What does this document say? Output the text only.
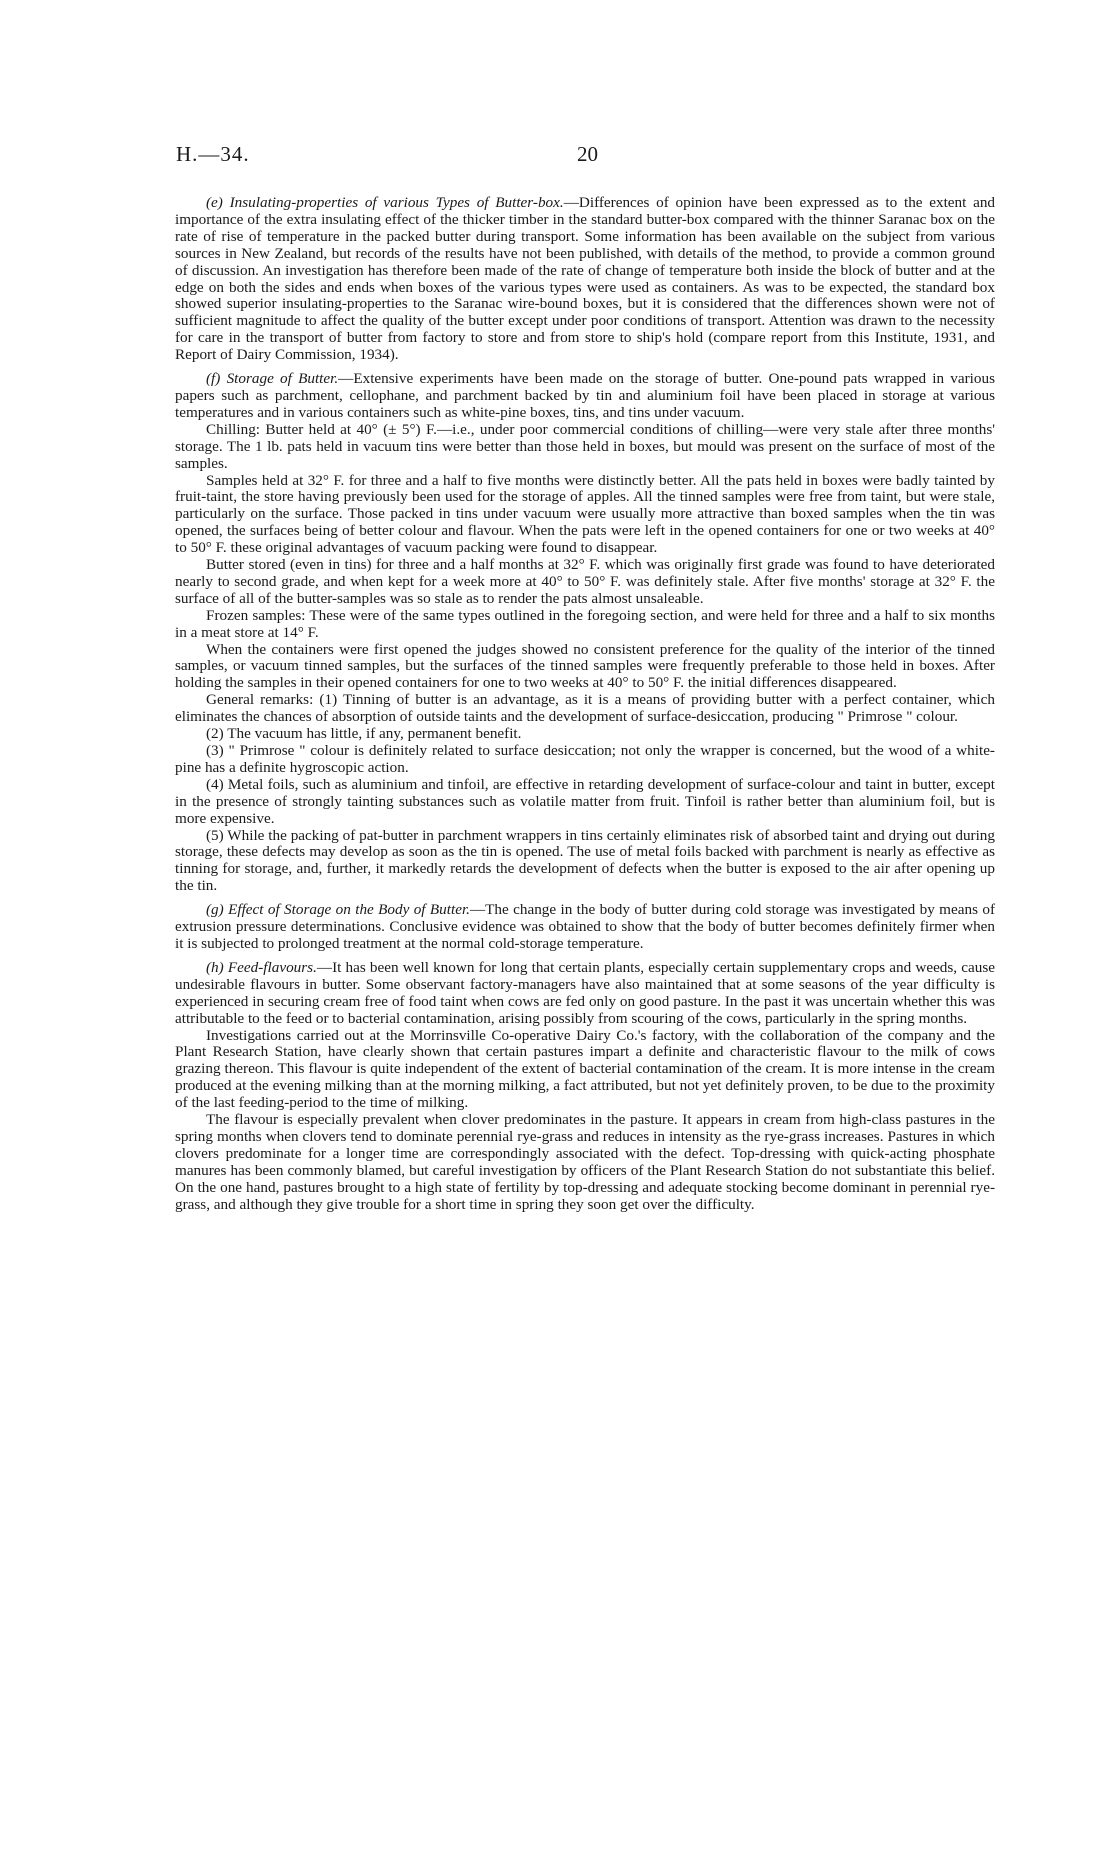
H.—34.	20

(e) Insulating-properties of various Types of Butter-box.—Differences of opinion have been expressed as to the extent and importance of the extra insulating effect of the thicker timber in the standard butter-box compared with the thinner Saranac box on the rate of rise of temperature in the packed butter during transport. Some information has been available on the subject from various sources in New Zealand, but records of the results have not been published, with details of the method, to provide a common ground of discussion. An investigation has therefore been made of the rate of change of temperature both inside the block of butter and at the edge on both the sides and ends when boxes of the various types were used as containers. As was to be expected, the standard box showed superior insulating-properties to the Saranac wire-bound boxes, but it is considered that the differences shown were not of sufficient magnitude to affect the quality of the butter except under poor conditions of transport. Attention was drawn to the necessity for care in the transport of butter from factory to store and from store to ship's hold (compare report from this Institute, 1931, and Report of Dairy Commission, 1934).

(f) Storage of Butter.—Extensive experiments have been made on the storage of butter. One-pound pats wrapped in various papers such as parchment, cellophane, and parchment backed by tin and aluminium foil have been placed in storage at various temperatures and in various containers such as white-pine boxes, tins, and tins under vacuum.

Chilling: Butter held at 40° (± 5°) F.—i.e., under poor commercial conditions of chilling—were very stale after three months' storage. The 1 lb. pats held in vacuum tins were better than those held in boxes, but mould was present on the surface of most of the samples.

Samples held at 32° F. for three and a half to five months were distinctly better. All the pats held in boxes were badly tainted by fruit-taint, the store having previously been used for the storage of apples. All the tinned samples were free from taint, but were stale, particularly on the surface. Those packed in tins under vacuum were usually more attractive than boxed samples when the tin was opened, the surfaces being of better colour and flavour. When the pats were left in the opened containers for one or two weeks at 40° to 50° F. these original advantages of vacuum packing were found to disappear.

Butter stored (even in tins) for three and a half months at 32° F. which was originally first grade was found to have deteriorated nearly to second grade, and when kept for a week more at 40° to 50° F. was definitely stale. After five months' storage at 32° F. the surface of all of the butter-samples was so stale as to render the pats almost unsaleable.

Frozen samples: These were of the same types outlined in the foregoing section, and were held for three and a half to six months in a meat store at 14° F.

When the containers were first opened the judges showed no consistent preference for the quality of the interior of the tinned samples, or vacuum tinned samples, but the surfaces of the tinned samples were frequently preferable to those held in boxes. After holding the samples in their opened containers for one to two weeks at 40° to 50° F. the initial differences disappeared.

General remarks: (1) Tinning of butter is an advantage, as it is a means of providing butter with a perfect container, which eliminates the chances of absorption of outside taints and the development of surface-desiccation, producing " Primrose " colour.

(2) The vacuum has little, if any, permanent benefit.

(3) " Primrose " colour is definitely related to surface desiccation; not only the wrapper is concerned, but the wood of a white-pine has a definite hygroscopic action.

(4) Metal foils, such as aluminium and tinfoil, are effective in retarding development of surface-colour and taint in butter, except in the presence of strongly tainting substances such as volatile matter from fruit. Tinfoil is rather better than aluminium foil, but is more expensive.

(5) While the packing of pat-butter in parchment wrappers in tins certainly eliminates risk of absorbed taint and drying out during storage, these defects may develop as soon as the tin is opened. The use of metal foils backed with parchment is nearly as effective as tinning for storage, and, further, it markedly retards the development of defects when the butter is exposed to the air after opening up the tin.

(g) Effect of Storage on the Body of Butter.—The change in the body of butter during cold storage was investigated by means of extrusion pressure determinations. Conclusive evidence was obtained to show that the body of butter becomes definitely firmer when it is subjected to prolonged treatment at the normal cold-storage temperature.

(h) Feed-flavours.—It has been well known for long that certain plants, especially certain supplementary crops and weeds, cause undesirable flavours in butter. Some observant factory-managers have also maintained that at some seasons of the year difficulty is experienced in securing cream free of food taint when cows are fed only on good pasture. In the past it was uncertain whether this was attributable to the feed or to bacterial contamination, arising possibly from scouring of the cows, particularly in the spring months.

Investigations carried out at the Morrinsville Co-operative Dairy Co.'s factory, with the collaboration of the company and the Plant Research Station, have clearly shown that certain pastures impart a definite and characteristic flavour to the milk of cows grazing thereon. This flavour is quite independent of the extent of bacterial contamination of the cream. It is more intense in the cream produced at the evening milking than at the morning milking, a fact attributed, but not yet definitely proven, to be due to the proximity of the last feeding-period to the time of milking.

The flavour is especially prevalent when clover predominates in the pasture. It appears in cream from high-class pastures in the spring months when clovers tend to dominate perennial rye-grass and reduces in intensity as the rye-grass increases. Pastures in which clovers predominate for a longer time are correspondingly associated with the defect. Top-dressing with quick-acting phosphate manures has been commonly blamed, but careful investigation by officers of the Plant Research Station do not substantiate this belief. On the one hand, pastures brought to a high state of fertility by top-dressing and adequate stocking become dominant in perennial rye-grass, and although they give trouble for a short time in spring they soon get over the difficulty.
